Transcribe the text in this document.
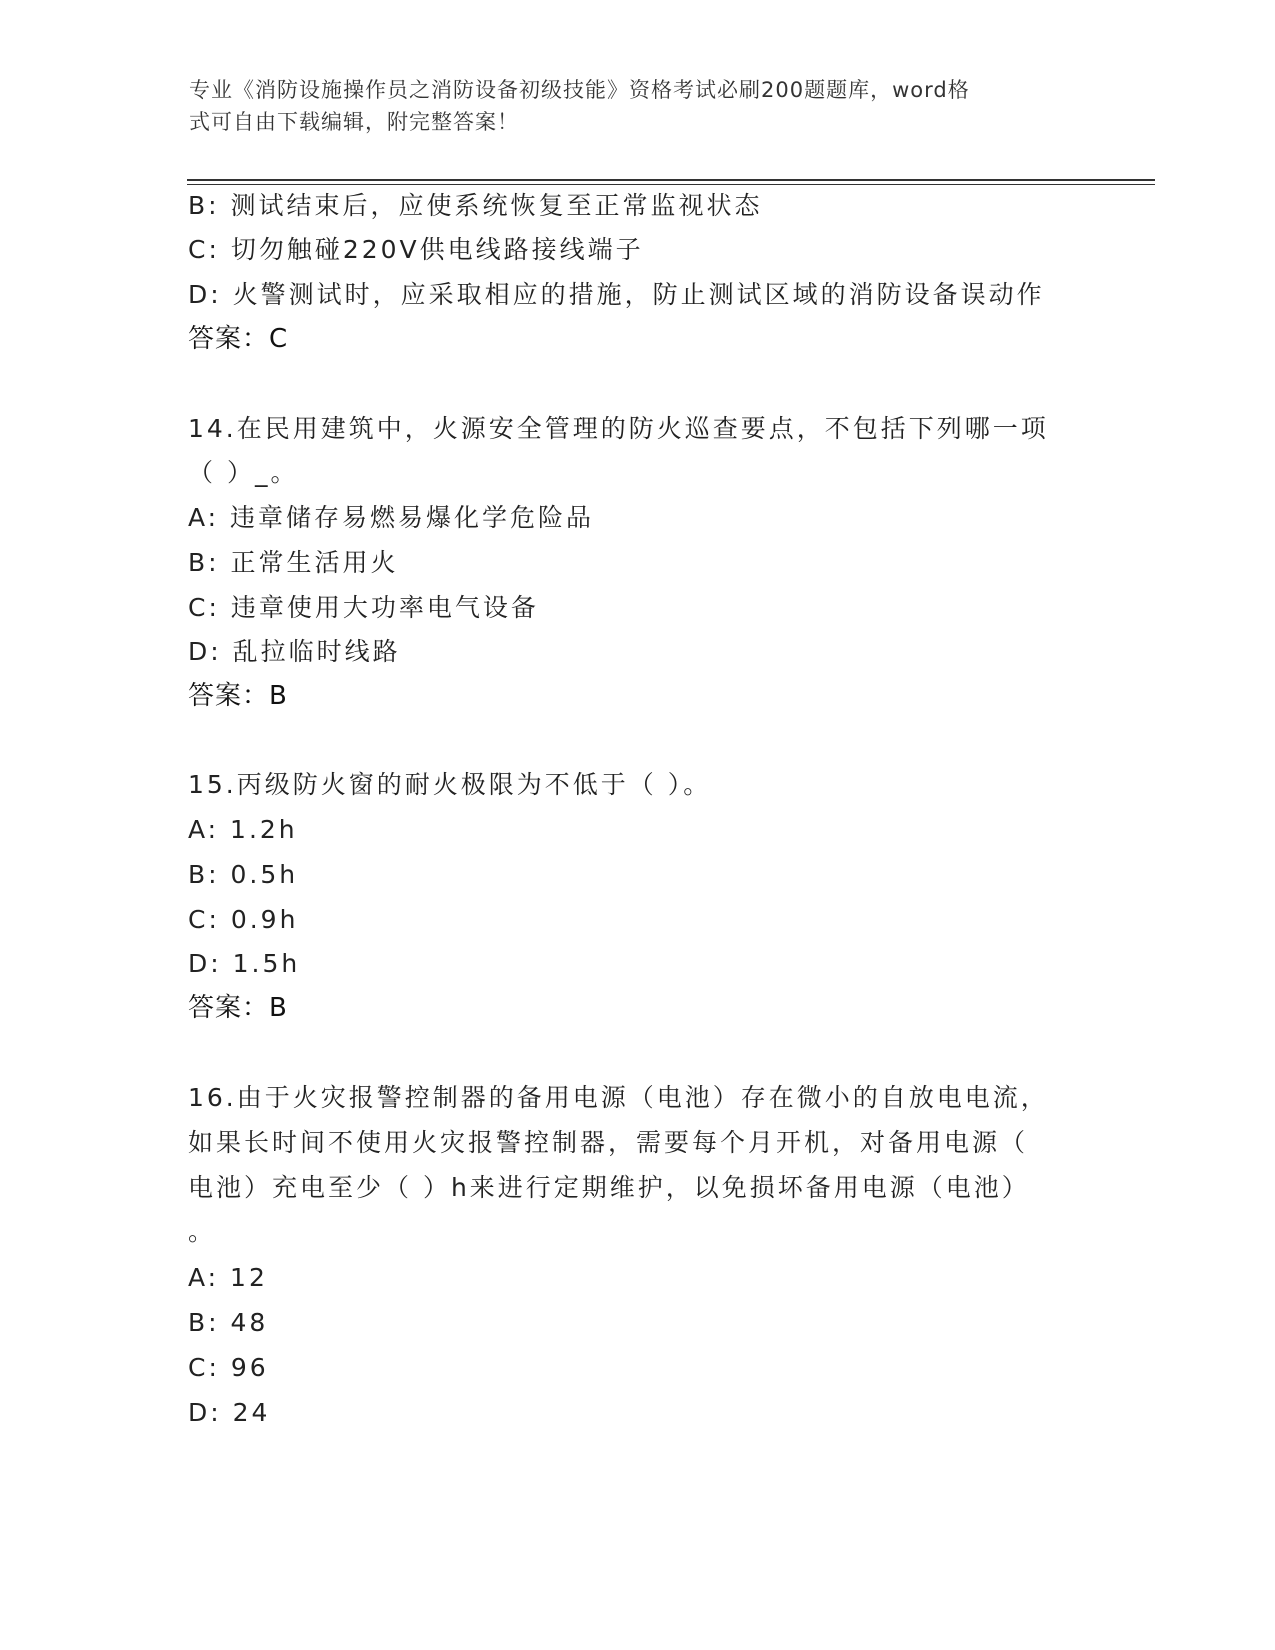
专业《消防设施操作员之消防设备初级技能》资格考试必刷200题题库，word格
式可自由下载编辑，附完整答案！
B: 测试结束后，应使系统恢复至正常监视状态
C: 切勿触碰220V供电线路接线端子
D: 火警测试时，应采取相应的措施，防止测试区域的消防设备误动作
答案：C
14.在民用建筑中，火源安全管理的防火巡查要点，不包括下列哪一项
（ ）_。
A: 违章储存易燃易爆化学危险品
B: 正常生活用火
C: 违章使用大功率电气设备
D: 乱拉临时线路
答案：B
15.丙级防火窗的耐火极限为不低于（ ）。
A: 1.2h
B: 0.5h
C: 0.9h
D: 1.5h
答案：B
16.由于火灾报警控制器的备用电源（电池）存在微小的自放电电流，
如果长时间不使用火灾报警控制器，需要每个月开机，对备用电源（
电池）充电至少（ ）h来进行定期维护，以免损坏备用电源（电池）
。
A: 12
B: 48
C: 96
D: 24
